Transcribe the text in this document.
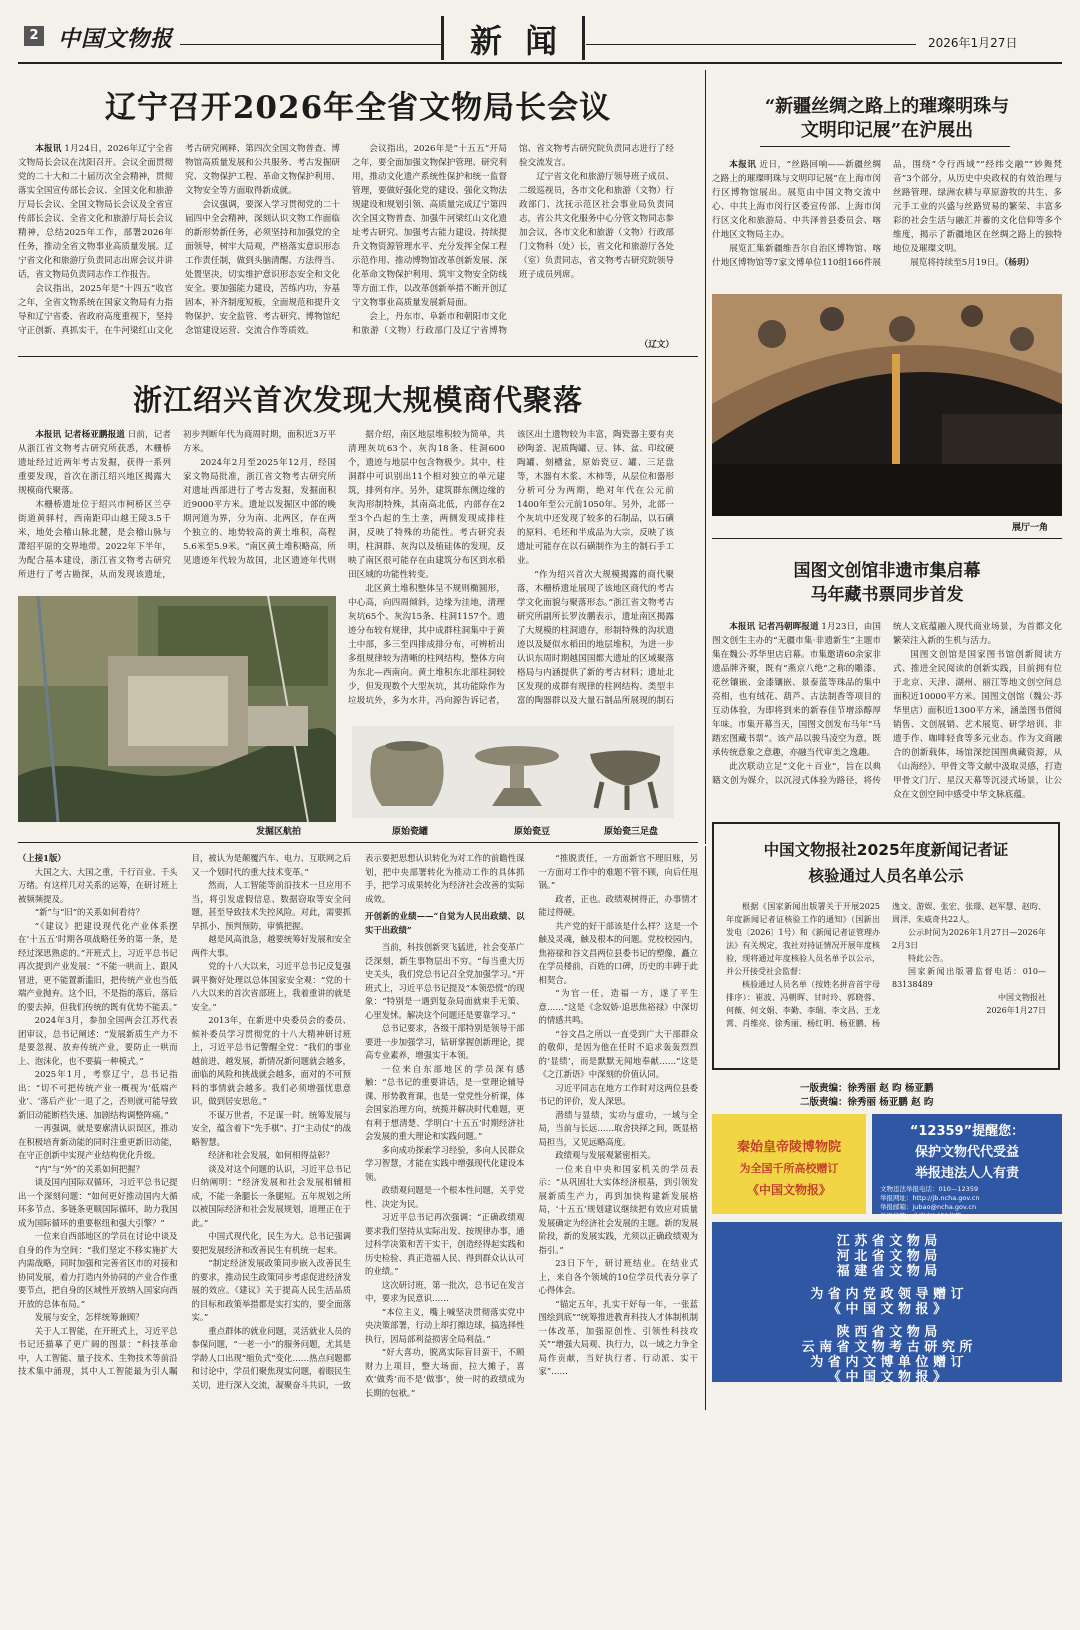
2 中国文物报	新 闻	2026年1月27日
辽宁召开2026年全省文物局长会议

本报讯 1月24日，2026年辽宁全省文物局长会议在沈阳召开。会议全面贯彻党的二十大和二十届历次全会精神，贯彻落实全国宣传部长会议、全国文化和旅游厅局长会议、全国文物局长会议及全省宣传部长会议、全省文化和旅游厅局长会议精神，总结2025年工作，部署2026年任务，推动全省文物事业高质量发展。辽宁省文化和旅游厅负责同志出席会议并讲话，省文物局负责同志作工作报告。

会议指出，2025年是“十四五”收官之年，全省文物系统在国家文物局有力指导和辽宁省委、省政府高度重视下，坚持守正创新、真抓实干，在牛河梁红山文化考古研究阐释、第四次全国文物普查、博物馆高质量发展和公共服务、考古发掘研究、文物保护工程、革命文物保护利用、文物安全等方面取得新成就。

会议强调，要深入学习贯彻党的二十届四中全会精神，深刻认识文物工作面临的新形势新任务，必须坚持和加强党的全面领导，树牢大局观，严格落实意识形态工作责任制，做到头脑清醒、方法得当、处置坚决，切实维护意识形态安全和文化安全。要加强能力建设，苦练内功，夯基固本，补齐制度短板，全面规范和提升文物保护、安全监管、考古研究、博物馆纪念馆建设运营、交流合作等质效。

会议指出，2026年是“十五五”开局之年，要全面加强文物保护管理、研究利用，推动文化遗产系统性保护和统一监督管理，要做好强化党的建设、强化文物法规建设和规划引领、高质量完成辽宁第四次全国文物普查、加强牛河梁红山文化遗址考古研究、加强考古能力建设、持续提升文物资源管理水平、充分发挥全保工程示范作用、推动博物馆改革创新发展、深化革命文物保护利用、筑牢文物安全防线等方面工作，以改革创新举措不断开创辽宁文物事业高质量发展新局面。

会上，丹东市、阜新市和朝阳市文化和旅游（文物）行政部门及辽宁省博物馆、省文物考古研究院负责同志进行了经验交流发言。

辽宁省文化和旅游厅领导班子成员、二级巡视员，各市文化和旅游（文物）行政部门、沈抚示范区社会事业局负责同志，省公共文化服务中心分管文物同志参加会议，各市文化和旅游（文物）行政部门文物科（处）长，省文化和旅游厅各处（室）负责同志，省文物考古研究院领导班子成员列席。

（辽文）
浙江绍兴首次发现大规模商代聚落

本报讯 记者杨亚鹏报道 日前，记者从浙江省文物考古研究所获悉，木栅桥遗址经过近两年考古发掘，获得一系列重要发现，首次在浙江绍兴地区揭露大规模商代聚落。

木栅桥遗址位于绍兴市柯桥区兰亭街道黄驿村，西南距印山越王陵3.5千米，地处会稽山脉北麓，是会稽山脉与萧绍平原的交界地带。2022年下半年，为配合基本建设，浙江省文物考古研究所进行了考古勘探，从而发现该遗址，初步判断年代为商周时期，面积近3万平方米。

2024年2月至2025年12月，经国家文物局批准，浙江省文物考古研究所对遗址西部进行了考古发掘，发掘面积近9000平方米。遗址以发掘区中部的晚期河道为界，分为南、北两区，存在两个独立的、地势较高的黄土堆积，高程5.6米至5.9米。“南区黄土堆积略高，所见遗迹年代较为故国，北区遗迹年代则

据介绍，南区地层堆积较为简单，共清理灰坑63个、灰沟18条、柱洞600个，遗迹与地层中包含物极少。其中，柱洞群中可识别出11个相对独立的单元建筑，排列有序。另外，建筑群东侧边缘的灰沟形制特殊，其南高北低，内部存在2至3个凸起的生土垄，两侧发现成排柱洞，反映了特殊的功能性。考古研究表明，柱洞群、灰沟以及植硅体的发现，反映了南区很可能存在由建筑分布区到水稻田区域的功能性转变。

北区黄土堆积整体呈不规则椭圆形，中心高，向四周倾斜，边缘为洼地，清理灰坑65个、灰沟15条、柱洞1157个。遗迹分布较有规律，其中成群柱洞集中于黄土中部，多三至四排成排分布，可辨析出多组规律较为清晰的柱网结构，整体方向为东北—西南向。黄土堆积东北部柱洞较少，但发现数个大型灰坑，其功能除作为垃圾坑外，多为水井，冯向源告诉记者，该区出土遗物较为丰富，陶瓷器主要有夹砂陶釜、泥质陶罐、豆、钵、盆、印纹硬陶罐、刻槽盆，原始瓷豆、罐、三足盘等，木器有木浆、木柿等，从层位和器形分析可分为两期，绝对年代在公元前1400年至公元前1050年。另外，北部一个灰坑中还发现了较多的石制品，以石磺的原料、毛坯和半成品为大宗，反映了该遗址可能存在以石磺制作为主的制石手工业。

“作为绍兴首次大规模揭露的商代聚落，木栅桥遗址展现了该地区商代的考古学文化面貌与聚落形态。”浙江省文物考古研究所副所长罗汝鹏表示，遗址南区揭露了大规模的柱洞遗存，形制特殊的沟状遗迹以及疑似水稻田的地层堆积，为进一步认识东周时期越国国都大遗址的区域聚落格局与内涵提供了新的考古材料；遗址北区发现的成群有规律的柱网结构、类型丰富的陶器群以及大量石制品所展现的制石

发掘区航拍	原始瓷罐	原始瓷豆	原始瓷三足盘
“新疆丝绸之路上的璀璨明珠与
文明印记展”在沪展出

本报讯 近日，“丝路回响——新疆丝绸之路上的璀璨明珠与文明印记展”在上海市闵行区博物馆展出。展览由中国文物交流中心、中共上海市闵行区委宣传部、上海市闵行区文化和旅游局、中共泽普县委员会、喀什地区文物局主办。

展览汇集新疆维吾尔自治区博物馆、喀什地区博物馆等7家文博单位110组166件展品，围绕“令行西域”“经纬交融”“妙舞梵音”3个部分，从历史中央政权的有效治理与丝路管理、绿洲农耕与草原游牧的共生、多元手工业的兴盛与丝路贸易的繁荣、丰富多彩的社会生活与融汇并蓄的文化信仰等多个维度，揭示了新疆地区在丝绸之路上的独特地位及璀璨文明。

展览将持续至5月19日。（杨玥）

展厅一角
国图文创馆非遗市集启幕
马年藏书票同步首发

本报讯 记者冯朝晖报道 1月23日，由国图文创生主办的“无疆市集·非遗新生”主题市集在魏公·苏华里店启幕。市集邀请60余家非遗品牌齐聚，既有“燕京八绝”之称的雕漆、花丝镶嵌、金漆镶嵌、景泰蓝等珠品的集中亮相，也有绒花、葫芦、古法制香等项目的互动体验，为即将到来的新春佳节增添醇厚年味。市集开幕当天，国图文创发布马年“马踏宏图藏书票”。该产品以骏马凌空为意，既承传统意象之意趣，亦融当代审美之逸趣。

此次联动立足“文化＋百业”，旨在以典籍文创为媒介，以沉浸式体验为路径，将传统人文底蕴融入现代商业场景，为首都文化繁荣注入新的生机与活力。

国图文创馆是国家图书馆创新阅读方式、推进全民阅读的创新实践，目前拥有位于北京、天津、湖州、丽江等地文创空间总面积近10000平方米。国图文创馆（魏公·苏华里店）面积近1300平方米，涵盖图书借阅销售、文创展销、艺术展览、研学培训、非遗手作、咖啡轻食等多元业态。作为文商融合的创新载体，场馆深挖国图典藏资源，从《山海经》、甲骨文等文献中汲取灵感，打造甲骨文门厅、星汉天幕等沉浸式场景，让公众在文创空间中感受中华文脉底蕴。

中国文物报社2025年度新闻记者证
核验通过人员名单公示

根据《国家新闻出版署关于开展2025年度新闻记者证核验工作的通知》（国新出发电〔2026〕1号）和《新闻记者证管理办法》有关规定，我社对持证情况开展年度核验，现将通过年度核验人员名单予以公示，并公开接受社会监督：

核验通过人员名单（按姓名拼音首字母排序）：崔波、冯朝晖、甘时玲、郭晓蓉、何薇、何文娟、李勤、李瑞、李文昌、王龙霄、肖维亮、徐秀丽、杨红明、杨亚鹏、杨逸文、游娱、张宏、张璟、赵军慧、赵昀、周洋、朱威奇共22人。

公示时间为2026年1月27日—2026年2月3日

特此公告。

国家新闻出版署监督电话：010—83138489

中国文物报社

2026年1月27日

一版责编：徐秀丽 赵 昀 杨亚鹏
二版责编：徐秀丽 杨亚鹏 赵 昀
秦始皇帝陵博物院
为全国千所高校赠订
《中国文物报》
“12359”提醒您：
保护文物代代受益
举报违法人人有责
文物违法举报电话：010—12359
举报网址：http://jb.ncha.gov.cn
举报邮箱：jubao@ncha.gov.cn
举报信箱：北京市1652信箱
江 苏 省 文 物 局
河 北 省 文 物 局
福 建 省 文 物 局
为 省 内 党 政 领 导 赠 订
《 中 国 文 物 报 》
陕 西 省 文 物 局
云 南 省 文 物 考 古 研 究 所
为 省 内 文 博 单 位 赠 订
《 中 国 文 物 报 》

（上接1版）

大国之大、大国之重，千行百业、千头万绪。有这样几对关系的运筹，在研讨班上被频频提及。

“新”与“旧”的关系如何看待？

“《建议》把建设现代化产业体系摆在‘十五五’时期各项战略任务的第一条，是经过深思熟虑的。”开班式上，习近平总书记再次提到产业发展：“不能一哄而上、跟风冒进，更不能置新滥旧，把传统产业也当低端产业抛弃。这个旧，不是指的落后，落后的要去掉，但我们传统的既有优势不能丢。”

2024年3月，参加全国两会江苏代表团审议，总书记阐述：“发展新质生产力不是要忽视、放弃传统产业，要防止一哄而上、泡沫化，也不要搞一种模式。”

2025年1月，考察辽宁，总书记指出：“切不可把传统产业一概视为‘低端产业’、‘落后产业’一退了之，否则就可能导致新旧动能断档失速、加剧结构调整阵痛。”

一再强调，就是要廓清认识误区，推动在积极培育新动能的同时注重更新旧动能，在守正创新中实现产业结构优化升级。

“内”与“外”的关系如何把握？

谈及国内国际双循环，习近平总书记提出一个深刻问题：“如何更好推动国内大循环多节点、多链条更顺国际循环，助力我国成为国际循环的重要枢纽和强大引擎？”

一位来自西部地区的学员在讨论中谈及自身的作为空间：“我们坚定不移实施扩大内需战略，同时加强和完善省区市的对接和协同发展，着力打造内外协同的产业合作重要节点，把自身的区域性开放纳入国家向西开放的总体布局。”

发展与安全，怎样统筹兼顾？

关于人工智能，在开班式上，习近平总书记还描摹了更广阔的图景：“科技革命中，人工智能、量子技术、生物技术等前沿技术集中涌现，其中人工智能最为引人瞩目，被认为是颠覆汽车、电力、互联网之后又一个划时代的重大技术变革。”

然而，人工智能等前沿技术一旦应用不当，将引发虚假信息、数据窃取等安全问题，甚至导致技术失控风险。对此，需要抓早抓小、预判预防，审慎把握。

越是风高浪急，越要统筹好发展和安全两件大事。

党的十八大以来，习近平总书记反复强调平衡好处理以总体国家安全观：“党的十八大以来的首次省部班上，我着重讲的就是安全。”

2013年，在新进中央委员会的委员、候补委员学习贯彻党的十八大精神研讨班上，习近平总书记警醒全党：“我们的事业越前进、越发展，新情况新问题就会越多，面临的风险和挑战就会越多，面对的不可预料的事情就会越多。我们必须增强忧患意识，做到居安思危。”

不谋万世者，不足谋一时。统筹发展与安全，蕴含着下“先手棋”、打“主动仗”的战略智慧。

经济和社会发展，如何相得益彰？

谈及对这个问题的认识，习近平总书记归纳阐明：“经济发展和社会发展相辅相成，不能一条腿长一条腿短。五年规划之所以被国际经济和社会发展规划，道理正在于此。”

中国式现代化，民生为大。总书记强调要把发展经济和改善民生有机统一起来。

“制定经济发展政策同步嵌入改善民生的要求，推动民生政策同步考虑促进经济发展的效应。《建议》关于提高人民生活品质的目标和政策举措都是实打实的，要全面落实。”

重点群体的就业问题，灵活就业人员的参保问题，“一老一小”的服务问题，尤其是学龄人口出现“缩负式”变化……热点问题都和讨论中，学员们聚焦现实问题，着眼民生关切，进行深入交流，凝聚奋斗共识，一致表示要把思想认识转化为对工作的前瞻性谋划，把中央部署转化为推动工作的具体抓手，把学习成果转化为经济社会改善的实际成效。

开创新的业绩——“自觉为人民出政绩、以实干出政绩”

当前，科技创新突飞猛进，社会变革广泛深刻，新生事物层出不穷。“每当重大历史关头，我们党总书记召全党加强学习。”开班式上，习近平总书记提及“本领恐慌”的现象：“特别是一遇到复杂局面就束手无策、心里发怵。解决这个问题还是要靠学习。”

总书记要求，各级干部特别是领导干部要进一步加强学习，钻研掌握创新理论，提高专业素养，增强实干本领。

一位来自东部地区的学员深有感触：“总书记的重要讲话，是一堂理论辅导课、形势教育课，也是一堂党性分析课，体会国家治理方向，统揽并解决时代难题，更有利于想清楚、学明白‘十五五’时期经济社会发展的重大理论和实践问题。”

多向成功探索学习经验，多向人民群众学习智慧，才能在实践中增强现代化建设本领。

政绩观问题是一个根本性问题，关乎党性、决定为民。

习近平总书记再次强调：“正确政绩观要求我们坚持从实际出发、按规律办事，通过科学决策和苦干实干，创造经得起实践和历史检验、真正造福人民、得到群众认认可的业绩。”

这次研讨班，第一批次，总书记在发言中，要求为民意识……

“本位主义，嘴上喊坚决贯彻落实党中央决策部署，行动上却打擦边球，搞选择性执行，因局部利益损害全局利益。”

“好大喜功，脱离实际盲目蛮干，不顾财力上项目，整大场面，拉大摊子，喜欢‘做秀’而不是‘做事’，使一时的政绩成为长期的包袱。”

“推脱责任，一方面新官不理旧账，另一方面对工作中的难题不管不顾，向后任甩锅。”

政者，正也。政绩观树得正，办事情才能过得硬。

共产党的好干部该是什么样？这是一个触及灵魂，触及根本的问题。党校校园内，焦裕禄和谷文昌两位县委书记的塑像，矗立在学员楼前，百姓的口碑，历史的丰碑于此相契合。

“为官一任，造福一方，遂了平生意……”这是《念奴娇·追思焦裕禄》中深切的情感共鸣。

“谷文昌之所以一直受到广大干部群众的敬仰，是因为他在任时不追求轰轰烈烈的‘显绩’，而是默默无闻地奉献……”这是《之江新语》中深刻的价值认同。

习近平同志在地方工作时对这两位县委书记的评价，发人深思。

潜绩与显绩，实功与虚功，一域与全局，当前与长远……取舍抉择之间，既显格局担当，又见远略高度。

政绩观与发展观紧密相关。

一位来自中央和国家机关的学员表示：“从巩固壮大实体经济根基，到引领发展新质生产力，再到加快构建新发展格局，‘十五五’规划建议继续把有效应对质量发展确定为经济社会发展的主题。新的发展阶段，新的发展实践，尤须以正确政绩观为指引。”

23日下午，研讨班结业。在结业式上，来自各个领域的10位学员代表分享了心得体会。

“锚定五年，扎实干好每一年，一张蓝图绘到底”“统筹推进教育科技人才体制机制一体改革，加强原创性、引领性科技攻关”“增强大局观、执行力，以一域之力争全局作贡献，当好执行者、行动派、实干家”……
